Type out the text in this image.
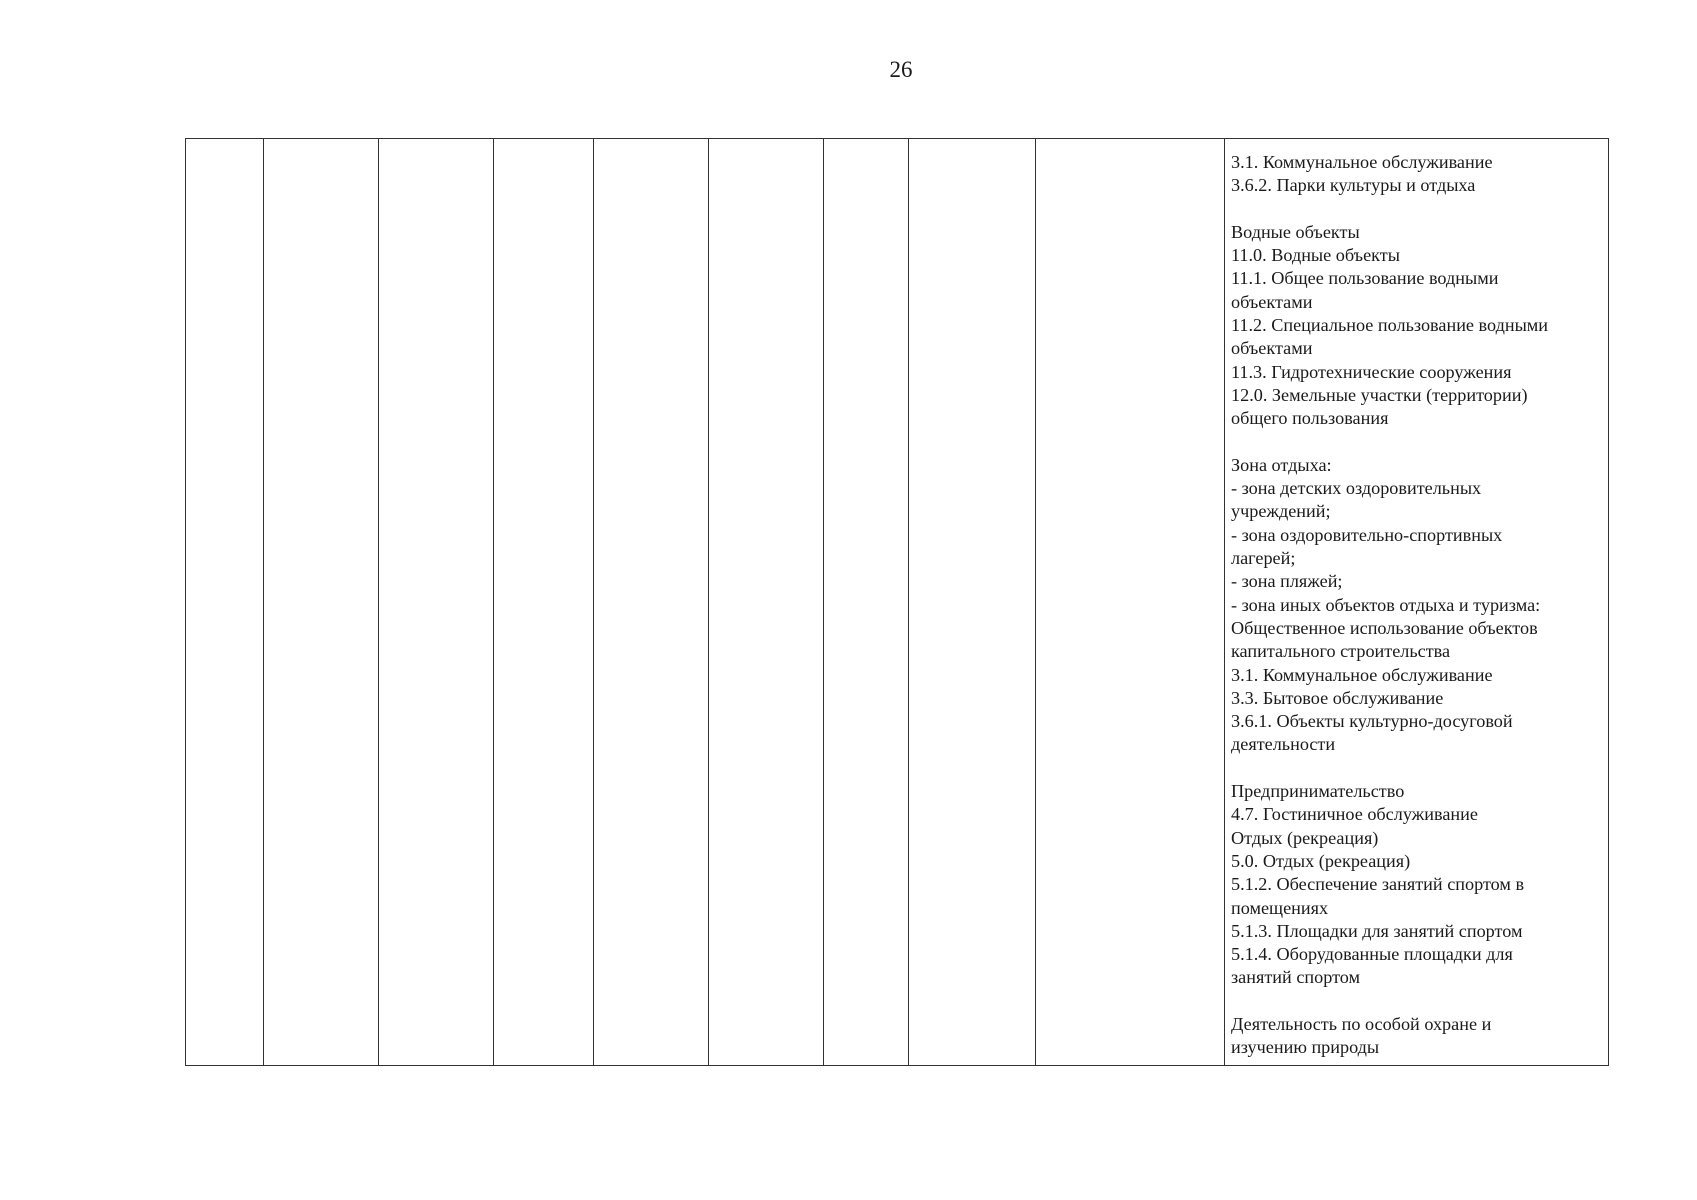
26

3.1. Коммунальное обслуживание
3.6.2. Парки культуры и отдыха
Водные объекты
11.0. Водные объекты
11.1. Общее пользование водными
объектами
11.2. Специальное пользование водными
объектами
11.3. Гидротехнические сооружения
12.0. Земельные участки (территории)
общего пользования
Зона отдыха:
- зона детских оздоровительных
учреждений;
- зона оздоровительно-спортивных
лагерей;
- зона пляжей;
- зона иных объектов отдыха и туризма:
Общественное использование объектов
капитального строительства
3.1. Коммунальное обслуживание
3.3. Бытовое обслуживание
3.6.1. Объекты культурно-досуговой
деятельности
Предпринимательство
4.7. Гостиничное обслуживание
Отдых (рекреация)
5.0. Отдых (рекреация)
5.1.2. Обеспечение занятий спортом в
помещениях
5.1.3. Площадки для занятий спортом
5.1.4. Оборудованные площадки для
занятий спортом
Деятельность по особой охране и
изучению природы
